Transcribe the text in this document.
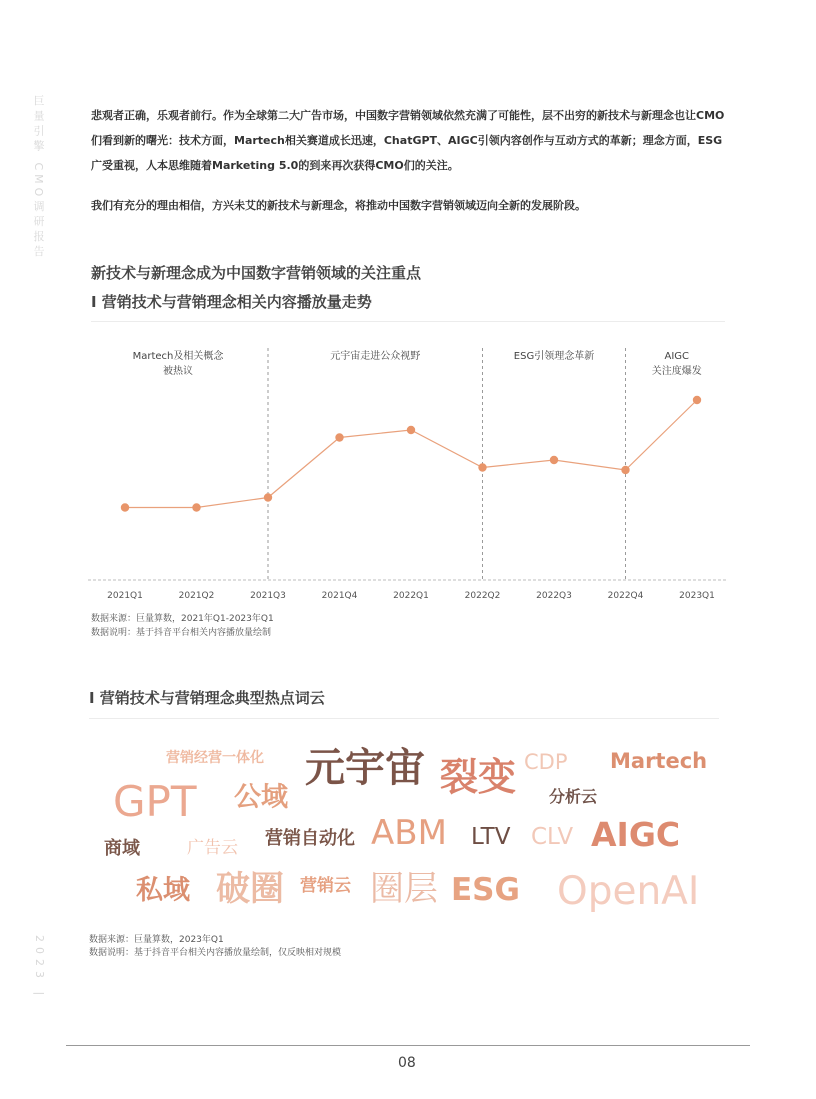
巨量引擎 CMO调研报告
2023 |

悲观者正确，乐观者前行。作为全球第二大广告市场，中国数字营销领域依然充满了可能性，层不出穷的新技术与新理念也让CMO们看到新的曙光：技术方面，Martech相关赛道成长迅速，ChatGPT、AIGC引领内容创作与互动方式的革新；理念方面，ESG广受重视，人本思维随着Marketing 5.0的到来再次获得CMO们的关注。

我们有充分的理由相信，方兴未艾的新技术与新理念，将推动中国数字营销领域迈向全新的发展阶段。

新技术与新理念成为中国数字营销领域的关注重点
I 营销技术与营销理念相关内容播放量走势
Martech及相关概念被热议
元宇宙走进公众视野	ESG引领理念革新	AIGC 关注度爆发
2021Q1	2021Q2	2021Q3	2021Q4	2022Q1	2022Q2	2022Q3	2022Q4	2023Q1
数据来源：巨量算数，2021年Q1-2023年Q1
数据说明：基于抖音平台相关内容播放量绘制
I 营销技术与营销理念典型热点词云
营销经营一体化 元宇宙 裂变 CDP Martech
GPT 公域	分析云
商域	广告云 营销自动化 ABM LTV CLV AIGC
私域 破圈 营销云 圈层 ESG OpenAI
数据来源：巨量算数，2023年Q1
数据说明：基于抖音平台相关内容播放量绘制，仅反映相对规模
08
